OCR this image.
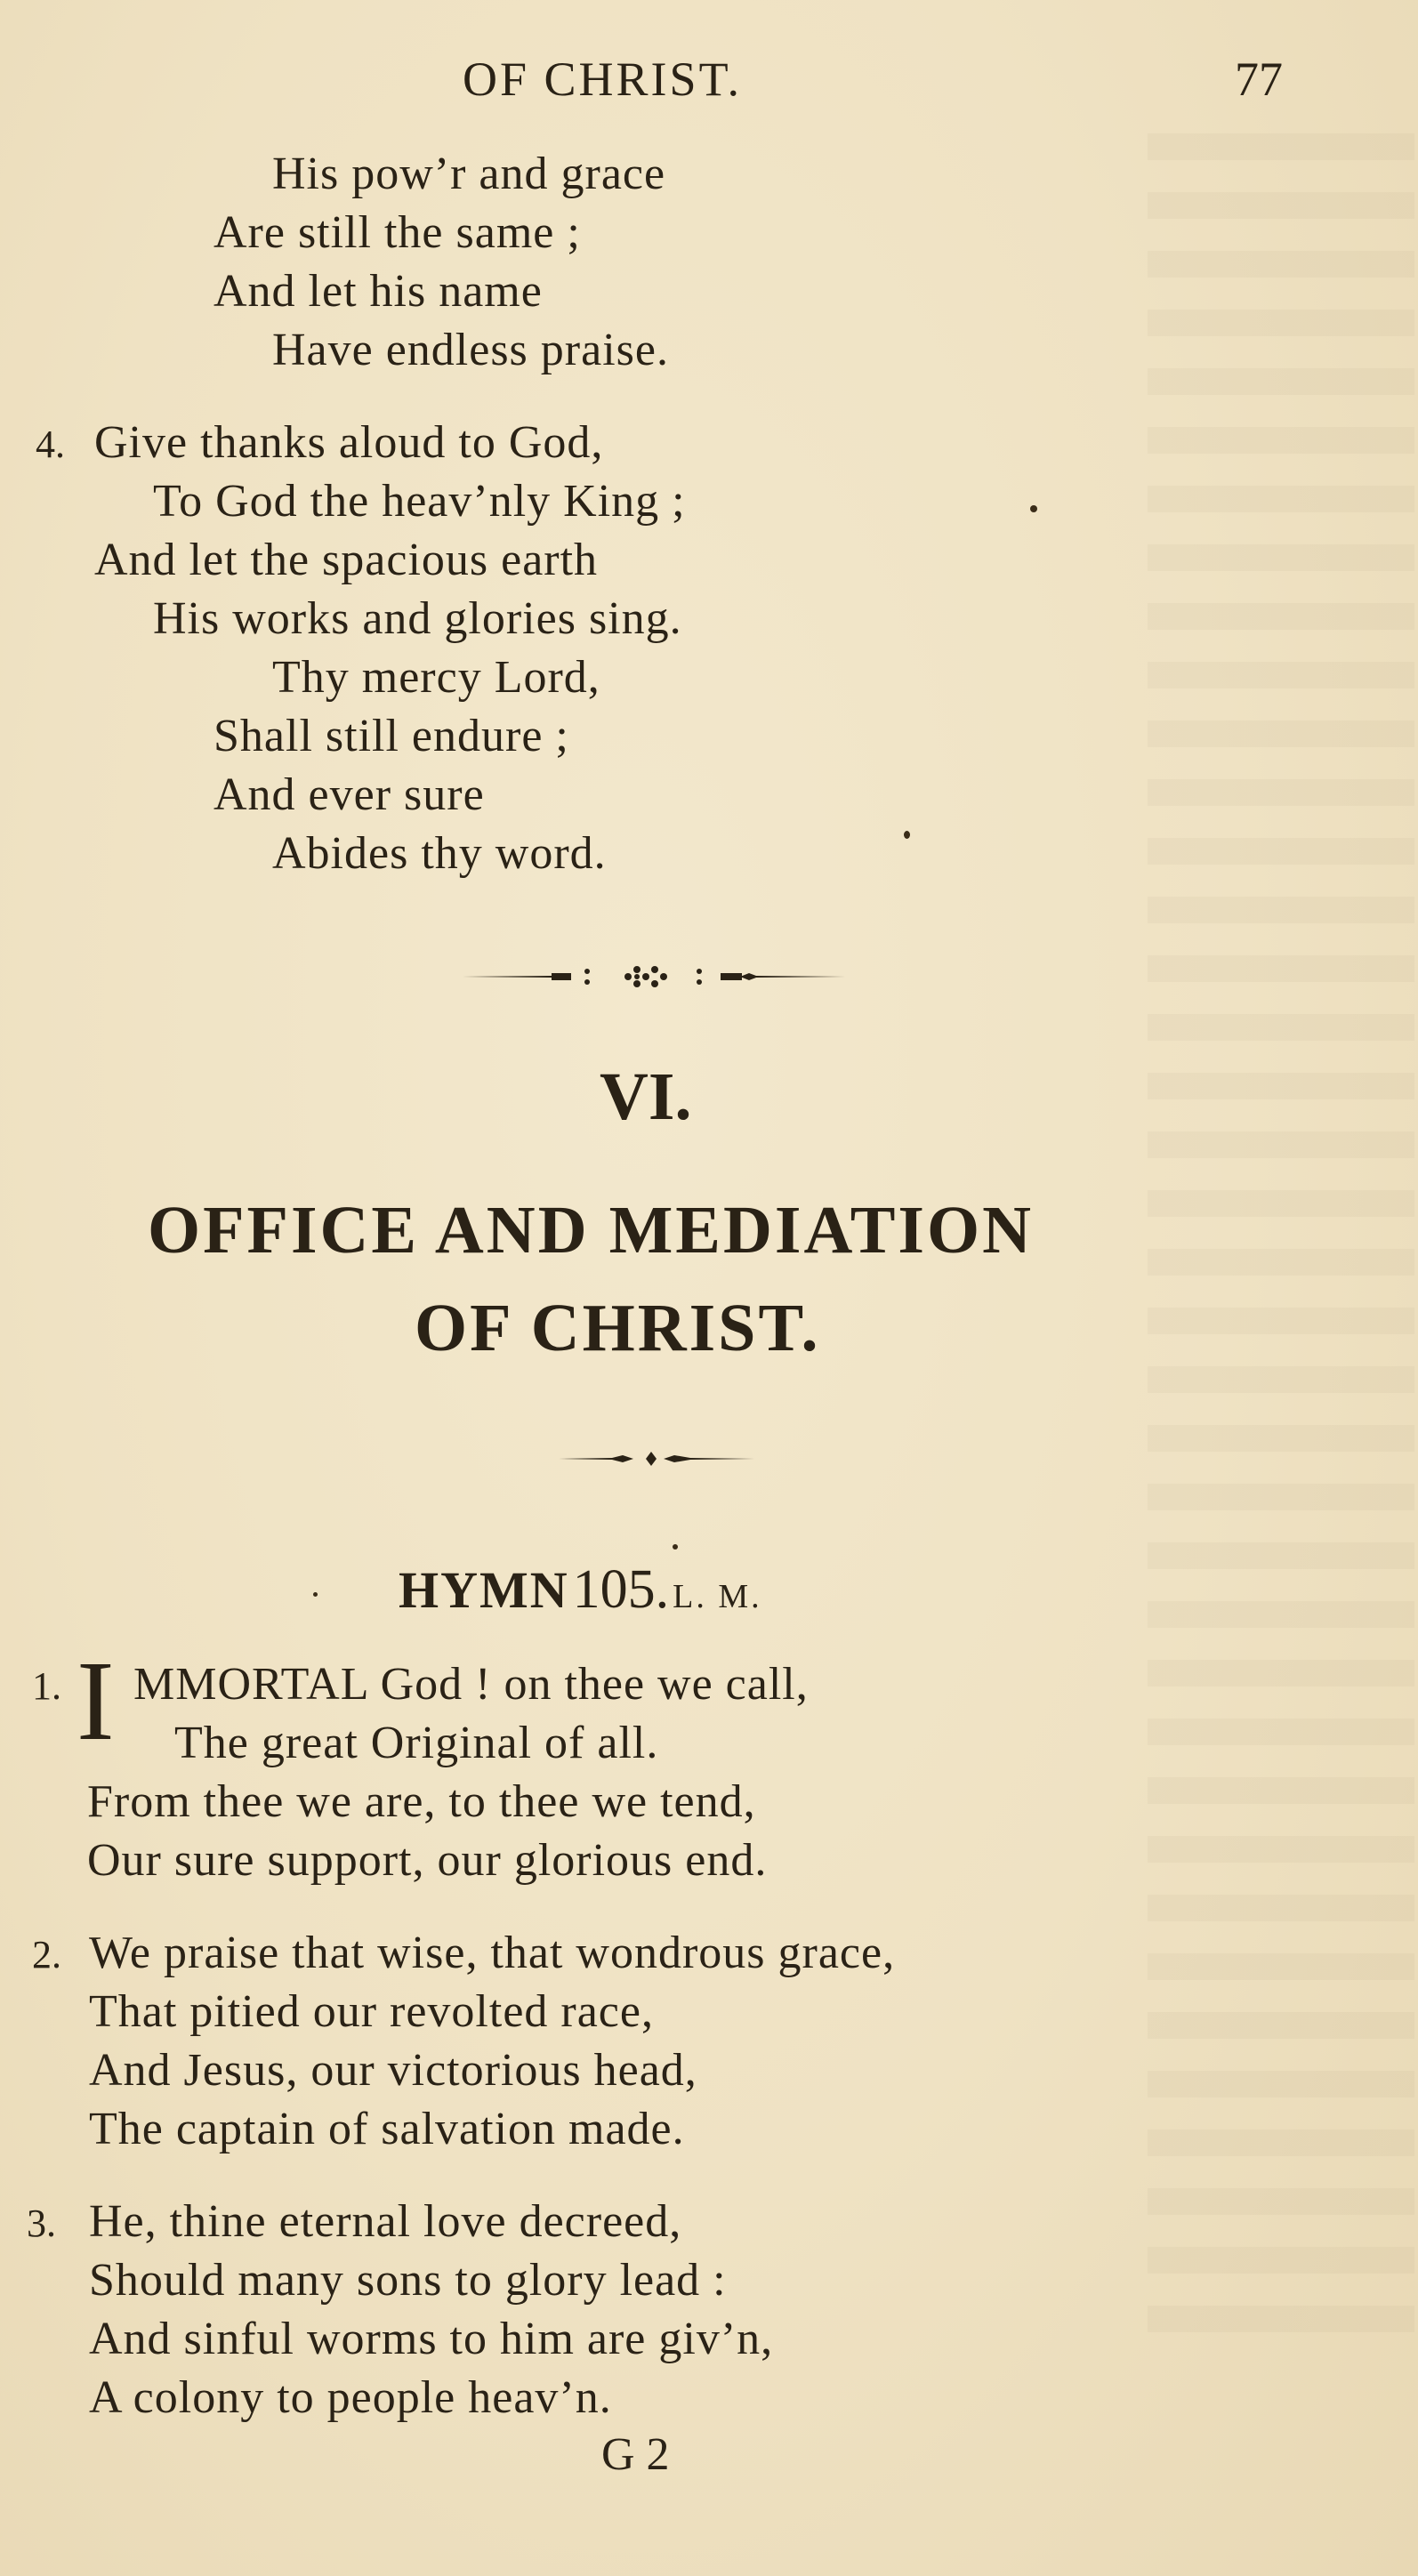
OF CHRIST.	77
His pow’r and grace
Are still the same ;
And let his name
Have endless praise.
4. Give thanks aloud to God,
To God the heav’nly King ;
And let the spacious earth
His works and glories sing.
Thy mercy Lord,
Shall still endure ;
And ever sure
Abides thy word.
VI.
OFFICE AND MEDIATION
OF CHRIST.
HYMN 105. L. M.
1. I MMORTAL God ! on thee we call,
The great Original of all.
From thee we are, to thee we tend,
Our sure support, our glorious end.
2. We praise that wise, that wondrous grace,
That pitied our revolted race,
And Jesus, our victorious head,
The captain of salvation made.
3. He, thine eternal love decreed,
Should many sons to glory lead :
And sinful worms to him are giv’n,
A colony to people heav’n.
G 2
